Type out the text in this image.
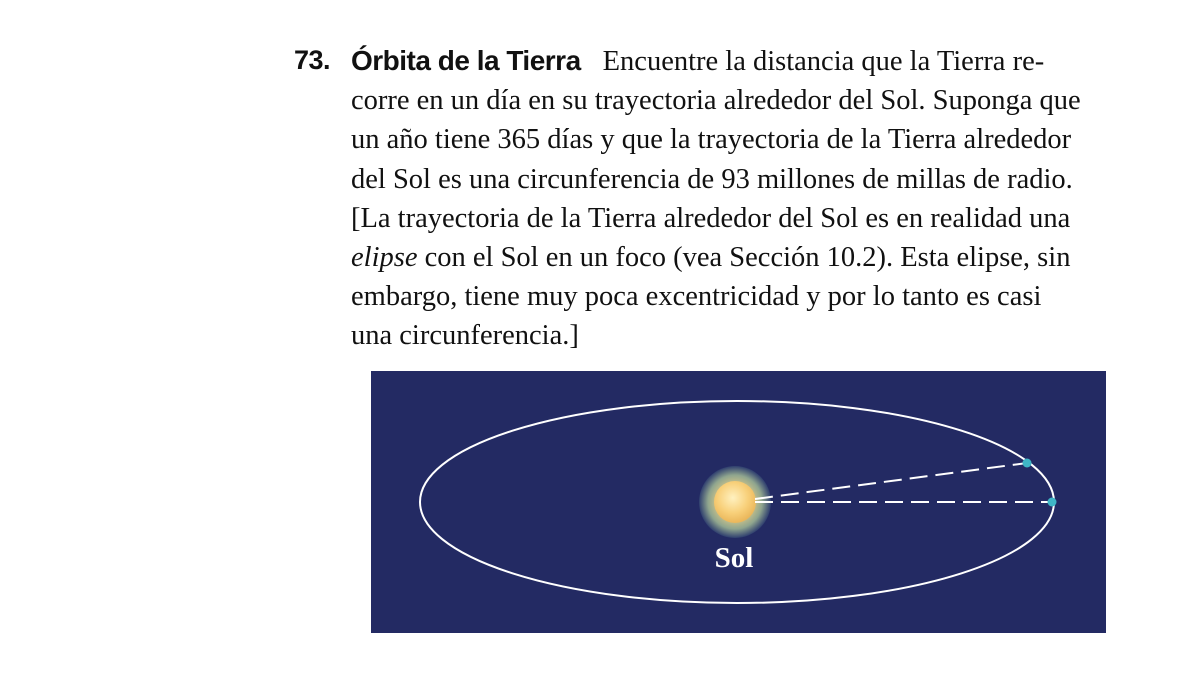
73. Órbita de la Tierra Encuentre la distancia que la Tierra re-
corre en un día en su trayectoria alrededor del Sol. Suponga que
un año tiene 365 días y que la trayectoria de la Tierra alrededor
del Sol es una circunferencia de 93 millones de millas de radio.
[La trayectoria de la Tierra alrededor del Sol es en realidad una
elipse con el Sol en un foco (vea Sección 10.2). Esta elipse, sin
embargo, tiene muy poca excentricidad y por lo tanto es casi
una circunferencia.]
Sol
